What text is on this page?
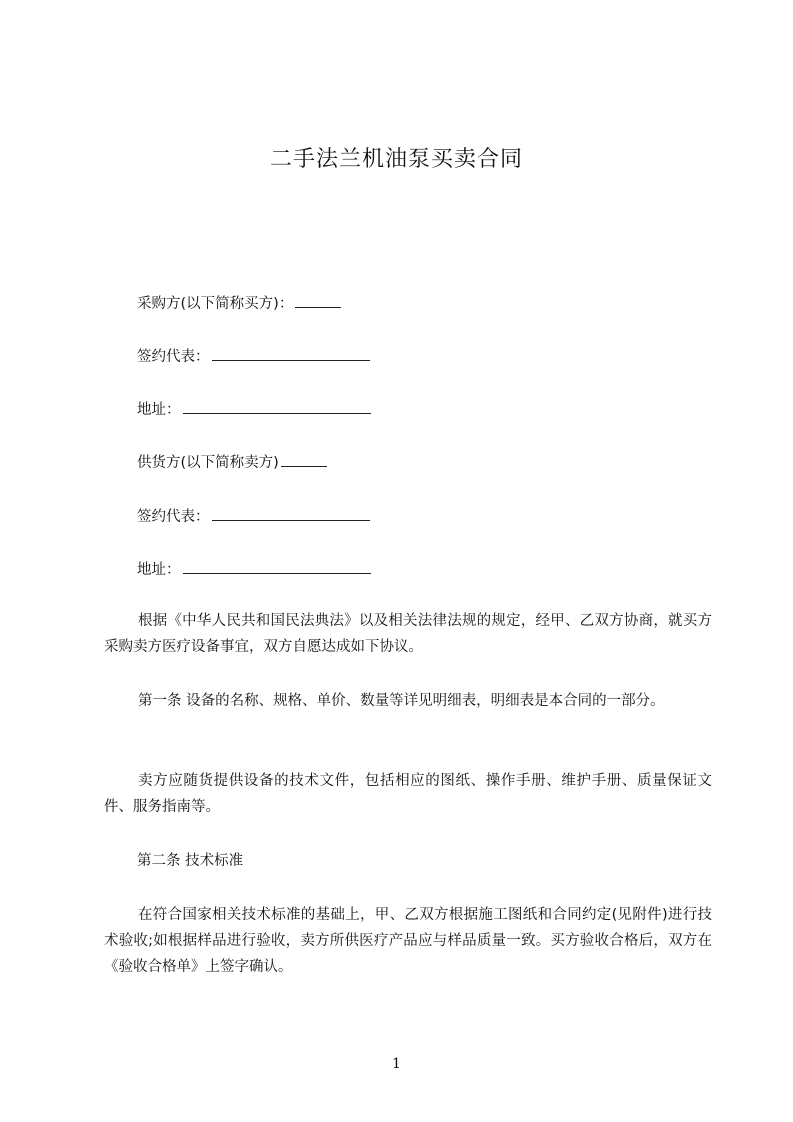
二手法兰机油泵买卖合同
采购方(以下简称买方)：
签约代表：
地址：
供货方(以下简称卖方)
签约代表：
地址：

根据《中华人民共和国民法典法》以及相关法律法规的规定，经甲、乙双方协商，就买方采购卖方医疗设备事宜，双方自愿达成如下协议。

第一条 设备的名称、规格、单价、数量等详见明细表，明细表是本合同的一部分。

卖方应随货提供设备的技术文件，包括相应的图纸、操作手册、维护手册、质量保证文件、服务指南等。

第二条 技术标准

在符合国家相关技术标准的基础上，甲、乙双方根据施工图纸和合同约定(见附件)进行技术验收;如根据样品进行验收，卖方所供医疗产品应与样品质量一致。买方验收合格后，双方在《验收合格单》上签字确认。

1
